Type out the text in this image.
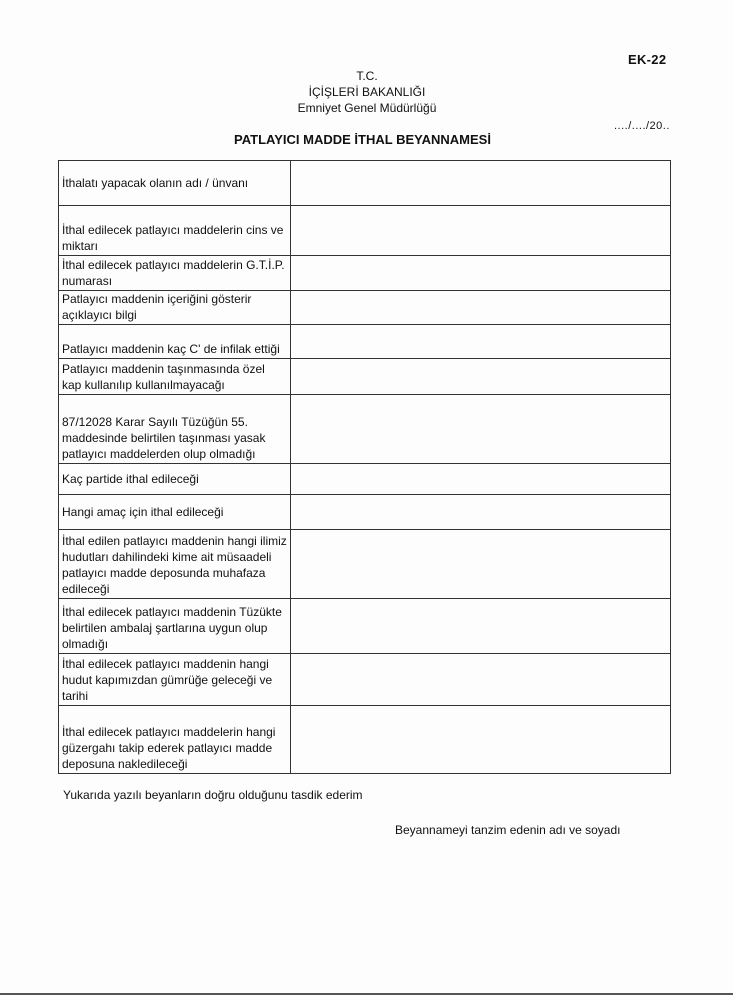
EK-22
T.C.
İÇİŞLERİ BAKANLIĞI
Emniyet Genel Müdürlüğü
..../..../20..
PATLAYICI MADDE İTHAL BEYANNAMESİ
İthalatı yapacak olanın adı / ünvanı	
İthal edilecek patlayıcı maddelerin cins ve miktarı	
İthal edilecek patlayıcı maddelerin G.T.İ.P. numarası	
Patlayıcı maddenin içeriğini gösterir açıklayıcı bilgi	
Patlayıcı maddenin kaç C' de infilak ettiği	
Patlayıcı maddenin taşınmasında özel kap kullanılıp kullanılmayacağı	
87/12028 Karar Sayılı Tüzüğün 55. maddesinde belirtilen taşınması yasak patlayıcı maddelerden olup olmadığı	
Kaç partide ithal edileceği	
Hangi amaç için ithal edileceği	
İthal edilen patlayıcı maddenin hangi ilimiz hudutları dahilindeki kime ait müsaadeli patlayıcı madde deposunda muhafaza edileceği	
İthal edilecek patlayıcı maddenin Tüzükte belirtilen ambalaj şartlarına uygun olup olmadığı	
İthal edilecek patlayıcı maddenin hangi hudut kapımızdan gümrüğe geleceği ve tarihi	
İthal edilecek patlayıcı maddelerin hangi güzergahı takip ederek patlayıcı madde deposuna nakledileceği	
Yukarıda yazılı beyanların doğru olduğunu tasdik ederim
Beyannameyi tanzim edenin adı ve soyadı
